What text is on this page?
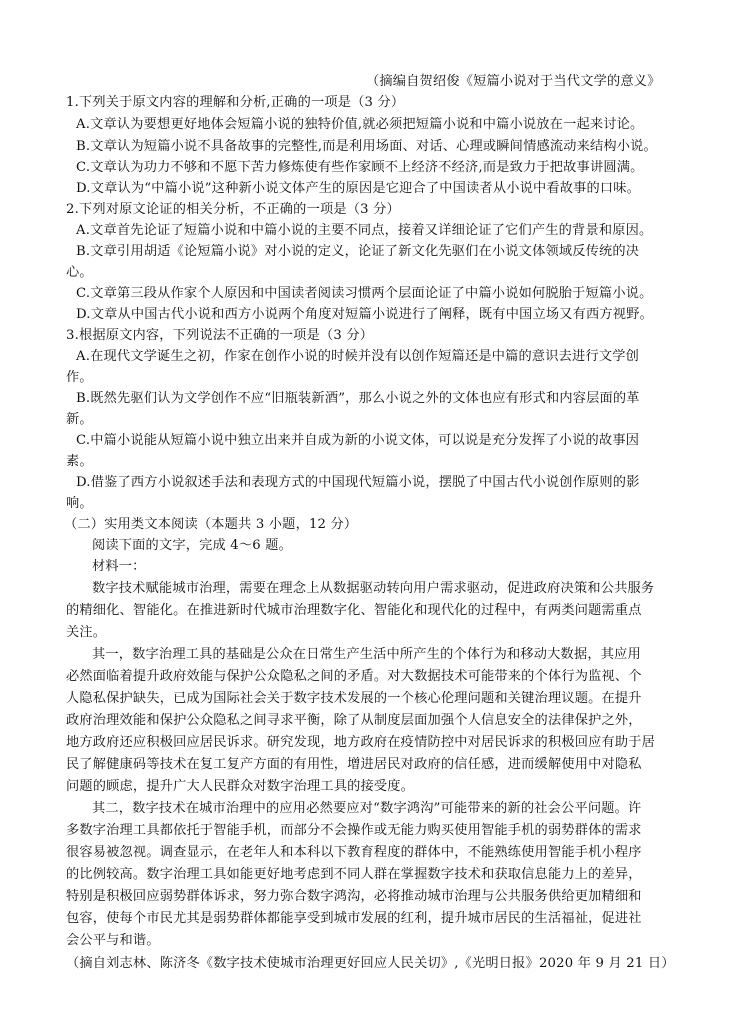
（摘编自贺绍俊《短篇小说对于当代文学的意义》
1.下列关于原文内容的理解和分析,正确的一项是（3 分）
A.文章认为要想更好地体会短篇小说的独特价值,就必须把短篇小说和中篇小说放在一起来讨论。
B.文章认为短篇小说不具备故事的完整性,而是利用场面、对话、心理或瞬间情感流动来结构小说。
C.文章认为功力不够和不愿下苦力修炼使有些作家顾不上经济不经济,而是致力于把故事讲圆满。
D.文章认为“中篇小说”这种新小说文体产生的原因是它迎合了中国读者从小说中看故事的口味。
2.下列对原文论证的相关分析，不正确的一项是（3 分）
A.文章首先论证了短篇小说和中篇小说的主要不同点，接着又详细论证了它们产生的背景和原因。
B.文章引用胡适《论短篇小说》对小说的定义，论证了新文化先驱们在小说文体领域反传统的决
心。
C.文章第三段从作家个人原因和中国读者阅读习惯两个层面论证了中篇小说如何脱胎于短篇小说。
D.文章从中国古代小说和西方小说两个角度对短篇小说进行了阐释，既有中国立场又有西方视野。
3.根据原文内容，下列说法不正确的一项是（3 分）
A.在现代文学诞生之初，作家在创作小说的时候并没有以创作短篇还是中篇的意识去进行文学创
作。
B.既然先驱们认为文学创作不应“旧瓶装新酒”，那么小说之外的文体也应有形式和内容层面的革
新。
C.中篇小说能从短篇小说中独立出来并自成为新的小说文体，可以说是充分发挥了小说的故事因
素。
D.借鉴了西方小说叙述手法和表现方式的中国现代短篇小说，摆脱了中国古代小说创作原则的影
响。
（二）实用类文本阅读（本题共 3 小题，12 分）
阅读下面的文字，完成 4～6 题。
材料一：
数字技术赋能城市治理，需要在理念上从数据驱动转向用户需求驱动，促进政府决策和公共服务
的精细化、智能化。在推进新时代城市治理数字化、智能化和现代化的过程中，有两类问题需重点
关注。
其一，数字治理工具的基础是公众在日常生产生活中所产生的个体行为和移动大数据，其应用
必然面临着提升政府效能与保护公众隐私之间的矛盾。对大数据技术可能带来的个体行为监视、个
人隐私保护缺失，已成为国际社会关于数字技术发展的一个核心伦理问题和关键治理议题。在提升
政府治理效能和保护公众隐私之间寻求平衡，除了从制度层面加强个人信息安全的法律保护之外，
地方政府还应积极回应居民诉求。研究发现，地方政府在疫情防控中对居民诉求的积极回应有助于居
民了解健康码等技术在复工复产方面的有用性，增进居民对政府的信任感，进而缓解使用中对隐私
问题的顾虑，提升广大人民群众对数字治理工具的接受度。
其二，数字技术在城市治理中的应用必然要应对“数字鸿沟”可能带来的新的社会公平问题。许
多数字治理工具都依托于智能手机，而部分不会操作或无能力购买使用智能手机的弱势群体的需求
很容易被忽视。调查显示，在老年人和本科以下教育程度的群体中，不能熟练使用智能手机小程序
的比例较高。数字治理工具如能更好地考虑到不同人群在掌握数字技术和获取信息能力上的差异，
特别是积极回应弱势群体诉求，努力弥合数字鸿沟，必将推动城市治理与公共服务供给更加精细和
包容，使每个市民尤其是弱势群体都能享受到城市发展的红利，提升城市居民的生活福祉，促进社
会公平与和谐。
（摘自刘志林、陈济冬《数字技术使城市治理更好回应人民关切》,《光明日报》2020 年 9 月 21 日）
